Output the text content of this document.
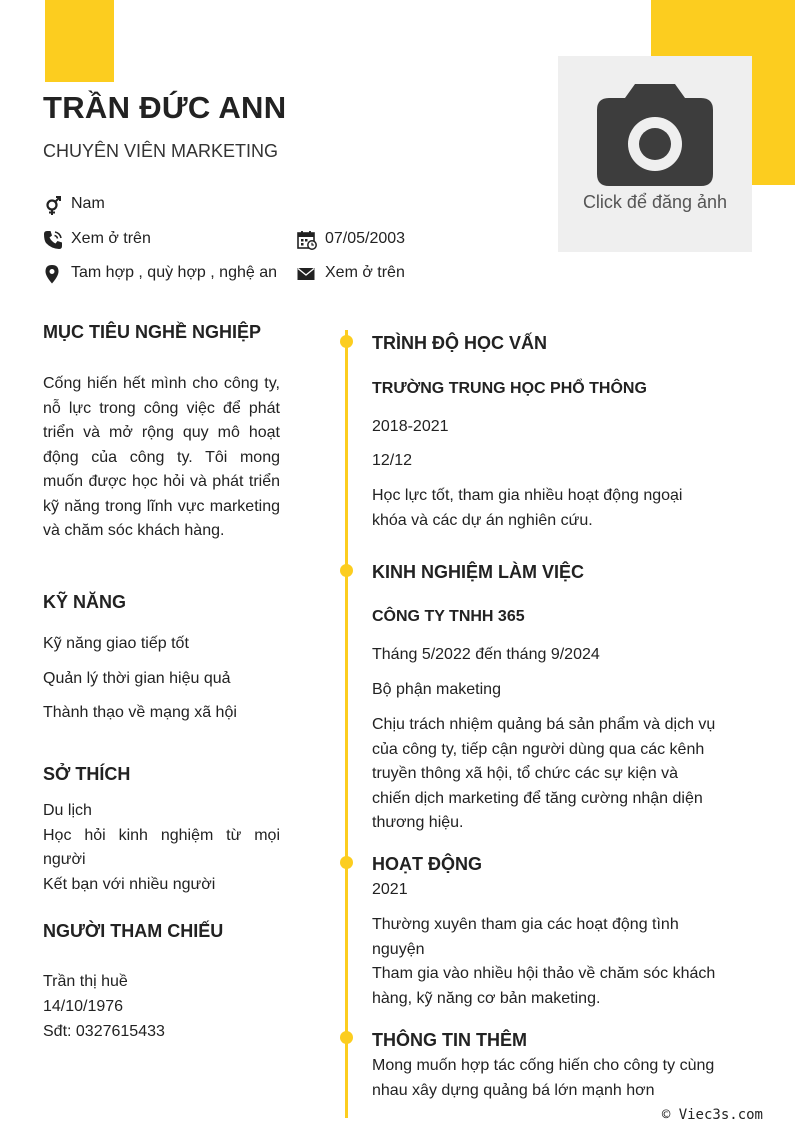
Click để đăng ảnh
TRẦN ĐỨC ANN
CHUYÊN VIÊN MARKETING
Nam
Xem ở trên	07/05/2003
Tam hợp , quỳ hợp , nghệ an	Xem ở trên
MỤC TIÊU NGHỀ NGHIỆP
Cống hiến hết mình cho công ty, nỗ lực trong công việc để phát triển và mở rộng quy mô hoạt động của công ty. Tôi mong muốn được học hỏi và phát triển kỹ năng trong lĩnh vực marketing và chăm sóc khách hàng.
KỸ NĂNG
Kỹ năng giao tiếp tốt
Quản lý thời gian hiệu quả
Thành thạo về mạng xã hội
SỞ THÍCH
Du lịch
Học hỏi kinh nghiệm từ mọi người
Kết bạn với nhiều người
NGƯỜI THAM CHIẾU
Trần thị huề
14/10/1976
Sđt: 0327615433
TRÌNH ĐỘ HỌC VẤN
TRƯỜNG TRUNG HỌC PHỔ THÔNG
2018-2021
12/12
Học lực tốt, tham gia nhiều hoạt động ngoại khóa và các dự án nghiên cứu.
KINH NGHIỆM LÀM VIỆC
CÔNG TY TNHH 365
Tháng 5/2022 đến tháng 9/2024
Bộ phận maketing
Chịu trách nhiệm quảng bá sản phẩm và dịch vụ của công ty, tiếp cận người dùng qua các kênh truyền thông xã hội, tổ chức các sự kiện và chiến dịch marketing để tăng cường nhận diện thương hiệu.
HOẠT ĐỘNG
2021
Thường xuyên tham gia các hoạt động tình nguyện
Tham gia vào nhiều hội thảo về chăm sóc khách hàng, kỹ năng cơ bản maketing.
THÔNG TIN THÊM
Mong muốn hợp tác cống hiến cho công ty cùng nhau xây dựng quảng bá lớn mạnh hơn
© Viec3s.com
